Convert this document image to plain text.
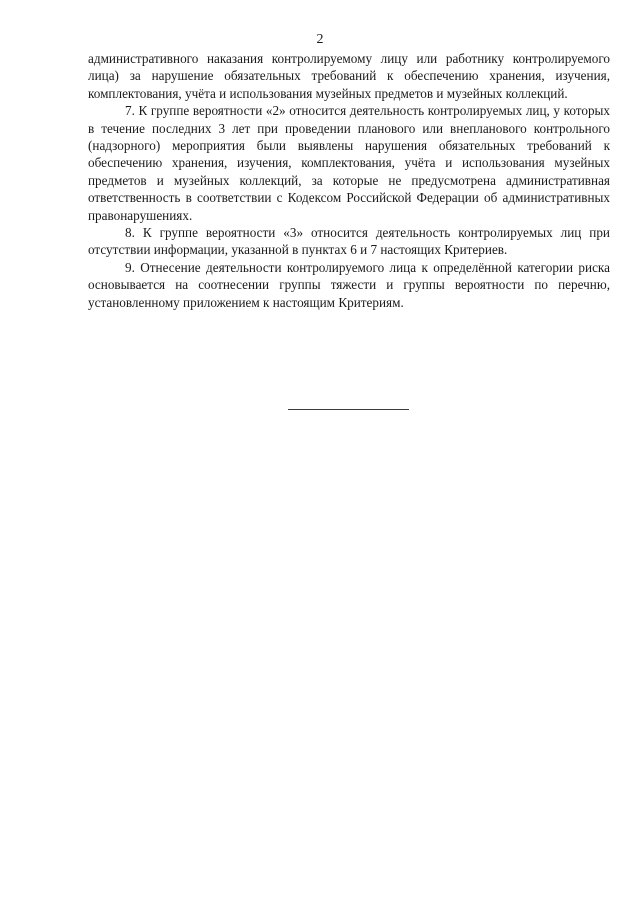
2

административного наказания контролируемому лицу или работнику контролируемого лица) за нарушение обязательных требований к обеспечению хранения, изучения, комплектования, учёта и использования музейных предметов и музейных коллекций.

7. К группе вероятности «2» относится деятельность контролируемых лиц, у которых в течение последних 3 лет при проведении планового или внепланового контрольного (надзорного) мероприятия были выявлены нарушения обязательных требований к обеспечению хранения, изучения, комплектования, учёта и использования музейных предметов и музейных коллекций, за которые не предусмотрена административная ответственность в соответствии с Кодексом Российской Федерации об административных правонарушениях.

8. К группе вероятности «3» относится деятельность контролируемых лиц при отсутствии информации, указанной в пунктах 6 и 7 настоящих Критериев.

9. Отнесение деятельности контролируемого лица к определённой категории риска основывается на соотнесении группы тяжести и группы вероятности по перечню, установленному приложением к настоящим Критериям.
